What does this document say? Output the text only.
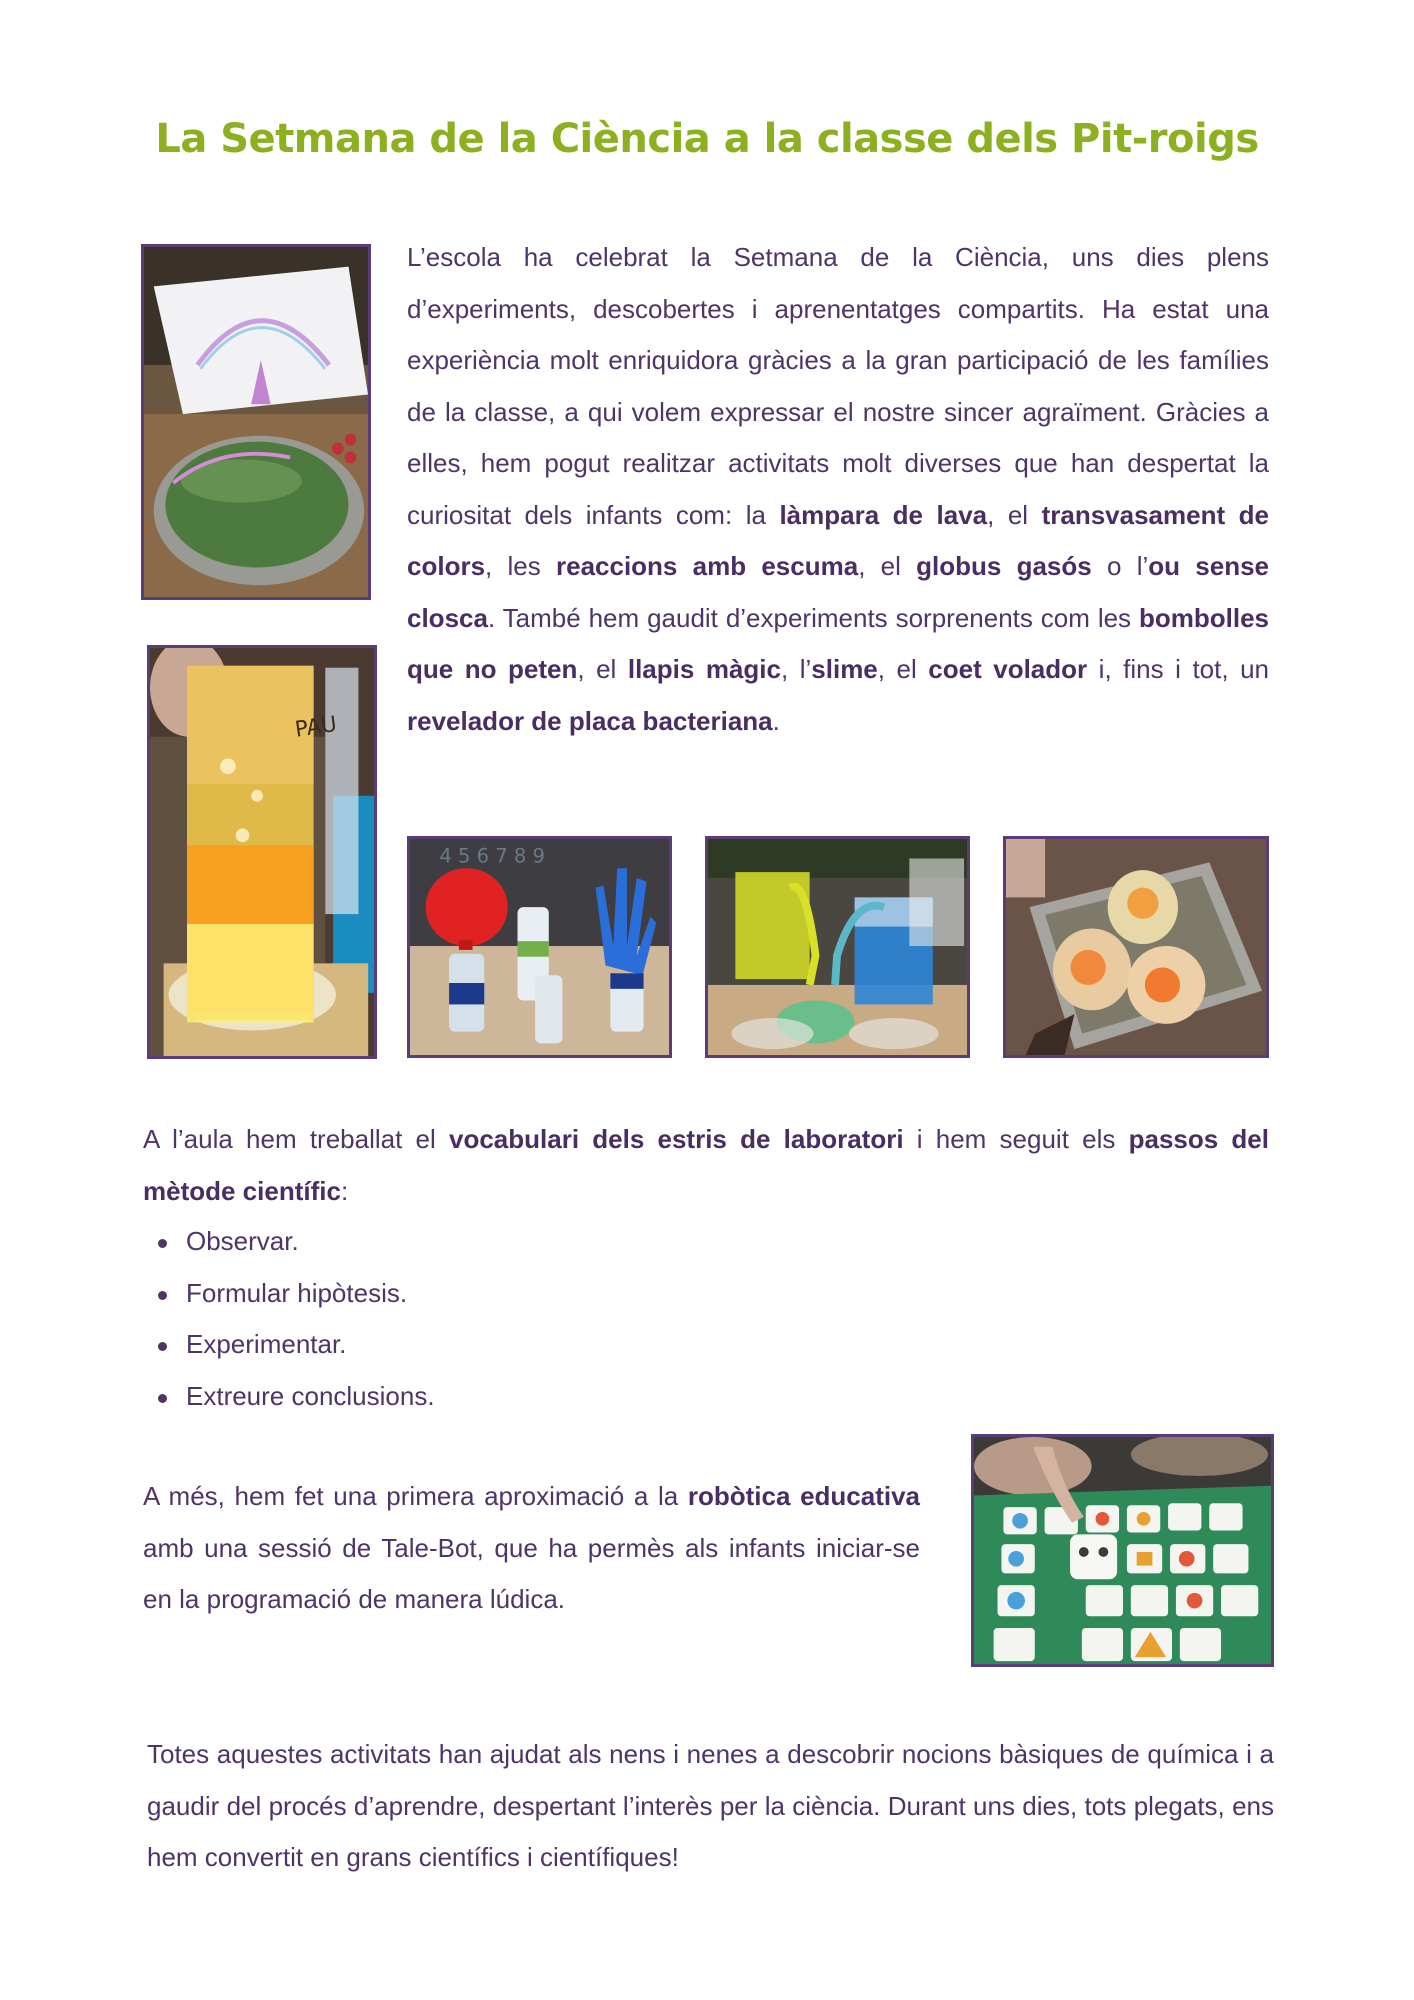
La Setmana de la Ciència a la classe dels Pit-roigs
PAU

L’escola ha celebrat la Setmana de la Ciència, uns dies plens d’experiments, descobertes i aprenentatges compartits. Ha estat una experiència molt enriquidora gràcies a la gran participació de les famílies de la classe, a qui volem expressar el nostre sincer agraïment. Gràcies a elles, hem pogut realitzar activitats molt diverses que han despertat la curiositat dels infants com: la làmpara de lava, el transvasament de colors, les reaccions amb escuma, el globus gasós o l’ou sense closca. També hem gaudit d’experiments sorprenents com les bombolles que no peten, el llapis màgic, l’slime, el coet volador i, fins i tot, un revelador de placa bacteriana.

4 5 6 7 8 9

A l’aula hem treballat el vocabulari dels estris de laboratori i hem seguit els passos del mètode científic:

Observar.
Formular hipòtesis.
Experimentar.
Extreure conclusions.

A més, hem fet una primera aproximació a la robòtica educativa amb una sessió de Tale-Bot, que ha permès als infants iniciar-se en la programació de manera lúdica.

Totes aquestes activitats han ajudat als nens i nenes a descobrir nocions bàsiques de química i a gaudir del procés d’aprendre, despertant l’interès per la ciència. Durant uns dies, tots plegats, ens hem convertit en grans científics i científiques!
